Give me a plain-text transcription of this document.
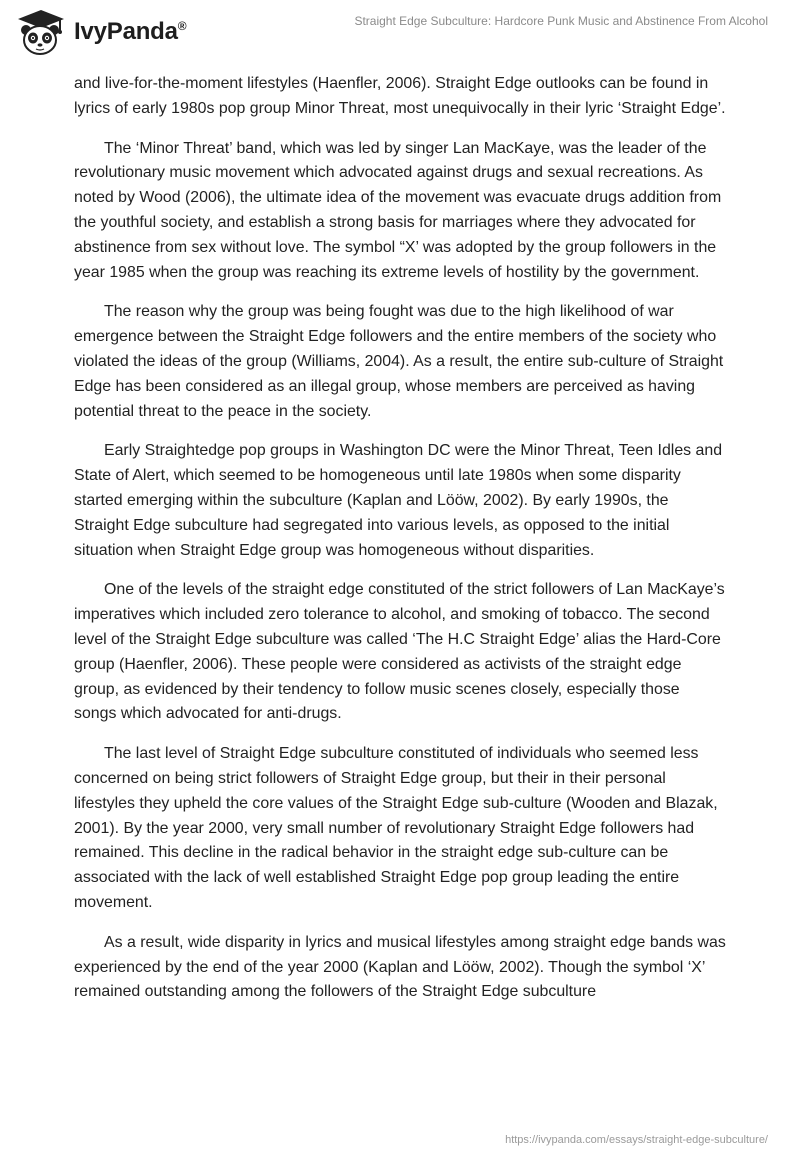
IvyPanda®	Straight Edge Subculture: Hardcore Punk Music and Abstinence From Alcohol

and live-for-the-moment lifestyles (Haenfler, 2006). Straight Edge outlooks can be found in lyrics of early 1980s pop group Minor Threat, most unequivocally in their lyric ‘Straight Edge’.

The ‘Minor Threat’ band, which was led by singer Lan MacKaye, was the leader of the revolutionary music movement which advocated against drugs and sexual recreations. As noted by Wood (2006), the ultimate idea of the movement was evacuate drugs addition from the youthful society, and establish a strong basis for marriages where they advocated for abstinence from sex without love. The symbol “X’ was adopted by the group followers in the year 1985 when the group was reaching its extreme levels of hostility by the government.

The reason why the group was being fought was due to the high likelihood of war emergence between the Straight Edge followers and the entire members of the society who violated the ideas of the group (Williams, 2004). As a result, the entire sub-culture of Straight Edge has been considered as an illegal group, whose members are perceived as having potential threat to the peace in the society.

Early Straightedge pop groups in Washington DC were the Minor Threat, Teen Idles and State of Alert, which seemed to be homogeneous until late 1980s when some disparity started emerging within the subculture (Kaplan and Lööw, 2002). By early 1990s, the Straight Edge subculture had segregated into various levels, as opposed to the initial situation when Straight Edge group was homogeneous without disparities.

One of the levels of the straight edge constituted of the strict followers of Lan MacKaye’s imperatives which included zero tolerance to alcohol, and smoking of tobacco. The second level of the Straight Edge subculture was called ‘The H.C Straight Edge’ alias the Hard-Core group (Haenfler, 2006). These people were considered as activists of the straight edge group, as evidenced by their tendency to follow music scenes closely, especially those songs which advocated for anti-drugs.

The last level of Straight Edge subculture constituted of individuals who seemed less concerned on being strict followers of Straight Edge group, but their in their personal lifestyles they upheld the core values of the Straight Edge sub-culture (Wooden and Blazak, 2001). By the year 2000, very small number of revolutionary Straight Edge followers had remained. This decline in the radical behavior in the straight edge sub-culture can be associated with the lack of well established Straight Edge pop group leading the entire movement.

As a result, wide disparity in lyrics and musical lifestyles among straight edge bands was experienced by the end of the year 2000 (Kaplan and Lööw, 2002). Though the symbol ‘X’ remained outstanding among the followers of the Straight Edge subculture

https://ivypanda.com/essays/straight-edge-subculture/
